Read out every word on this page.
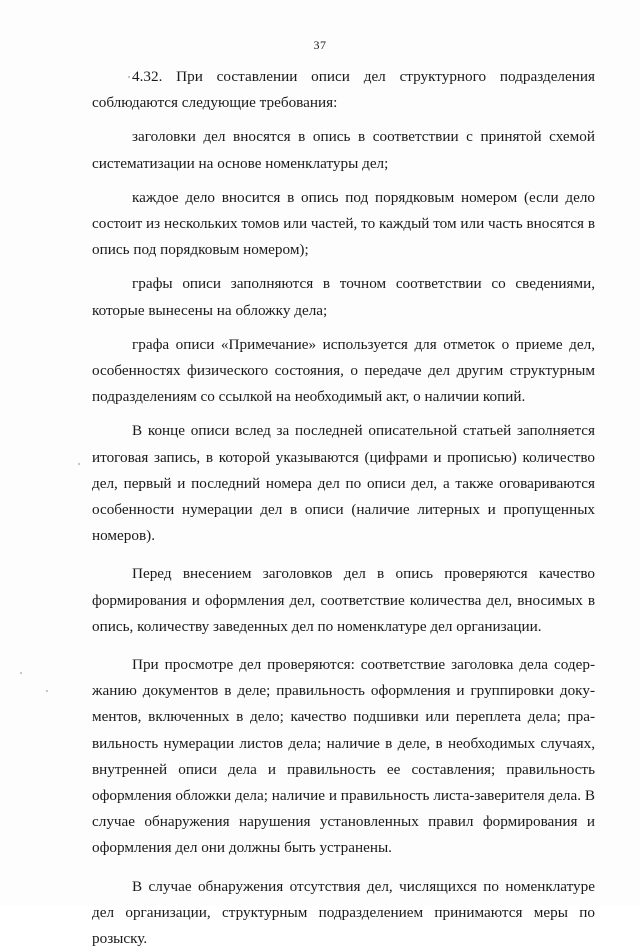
37

4.32. При составлении описи дел структурного подразделения соблюдаются следующие требования:

заголовки дел вносятся в опись в соответствии с принятой схемой систематизации на основе номенклатуры дел;

каждое дело вносится в опись под порядковым номером (если дело состоит из нескольких томов или частей, то каждый том или часть вносятся в опись под порядковым номером);

графы описи заполняются в точном соответствии со сведениями, которые вынесены на обложку дела;

графа описи «Примечание» используется для отметок о приеме дел, особенностях физического состояния, о передаче дел другим структурным подразделениям со ссылкой на необходимый акт, о наличии копий.

В конце описи вслед за последней описательной статьей заполняется итоговая запись, в которой указываются (цифрами и прописью) количество дел, первый и последний номера дел по описи дел, а также оговариваются особенности нумерации дел в описи (наличие литерных и пропущенных номеров).

Перед внесением заголовков дел в опись проверяются качество формирования и оформления дел, соответствие количества дел, вносимых в опись, количеству заведенных дел по номенклатуре дел организации.

При просмотре дел проверяются: соответствие заголовка дела содержанию документов в деле; правильность оформления и группировки документов, включенных в дело; качество подшивки или переплета дела; правильность нумерации листов дела; наличие в деле, в необходимых случаях, внутренней описи дела и правильность ее составления; правильность оформления обложки дела; наличие и правильность листа-заверителя дела. В случае обнаружения нарушения установленных правил формирования и оформления дел они должны быть устранены.

В случае обнаружения отсутствия дел, числящихся по номенклатуре дел организации, структурным подразделением принимаются меры по розыску.
